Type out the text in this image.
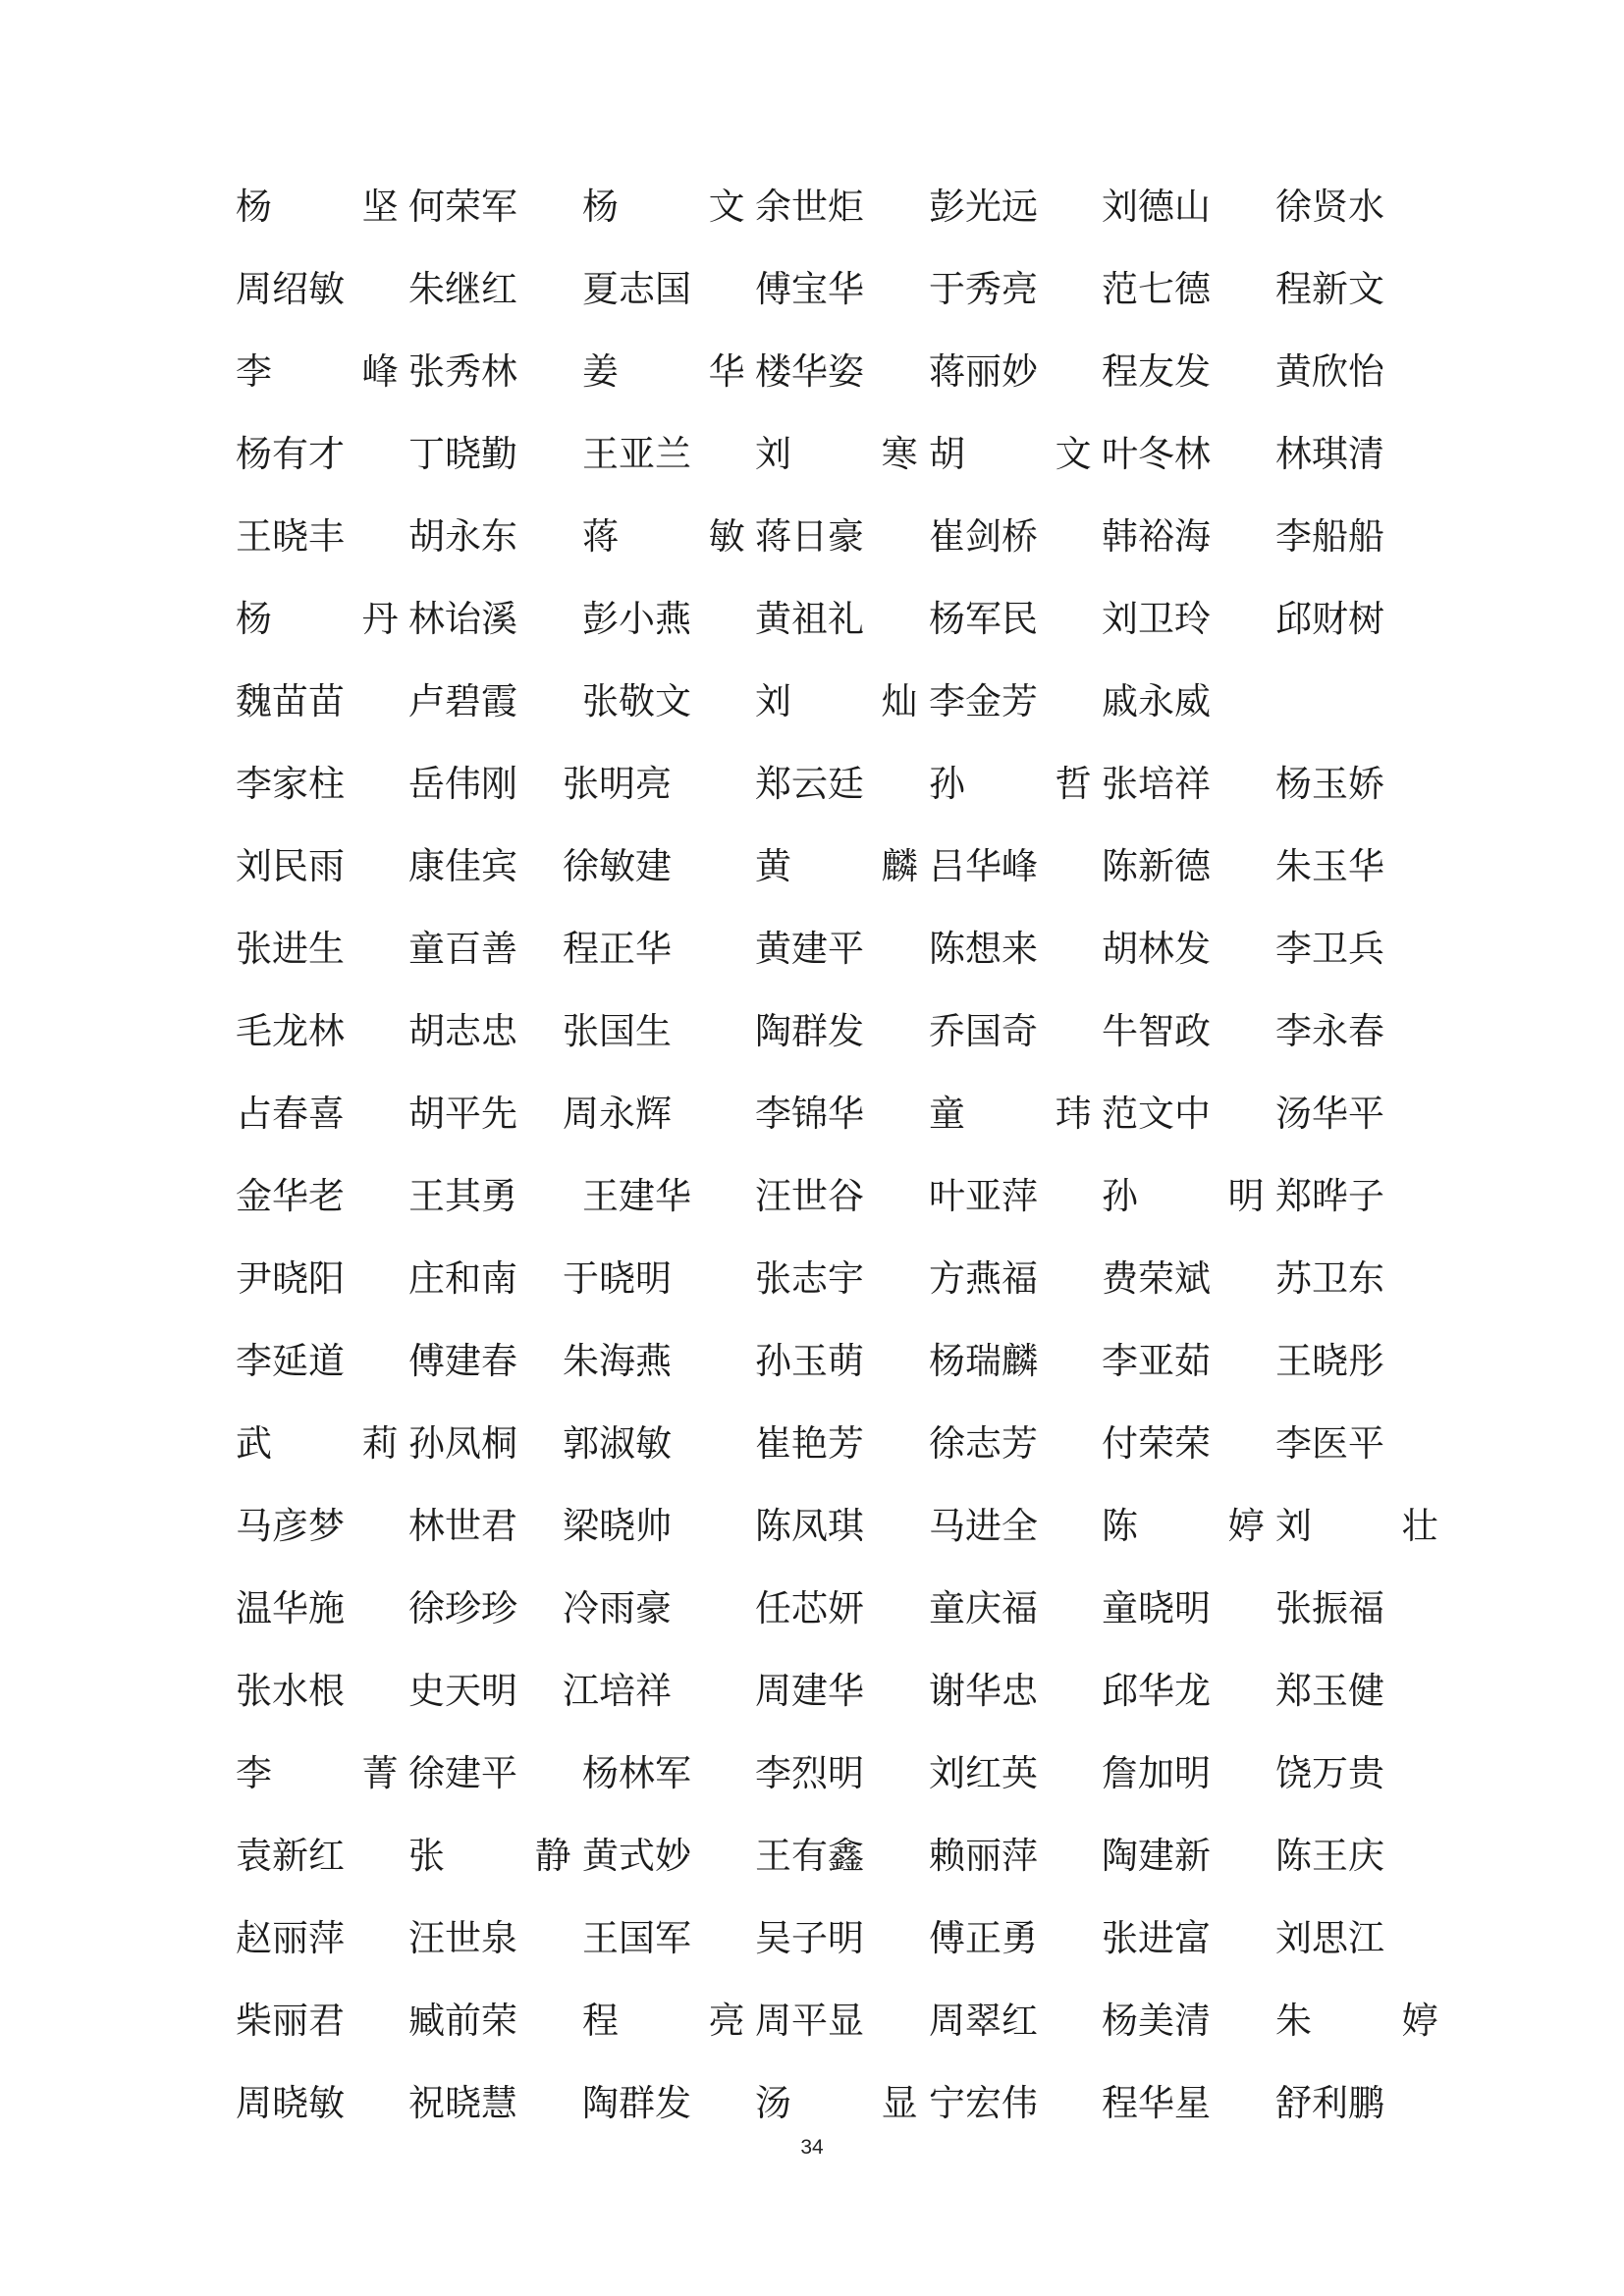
杨 坚
何荣军 杨 文
余世炬 彭光远 刘德山 徐贤水
周绍敏 朱继红 夏志国 傅宝华 于秀亮 范七德 程新文
李 峰
张秀林 姜 华
楼华姿 蒋丽妙 程友发 黄欣怡
杨有才 丁晓勤 王亚兰 刘 寒
胡 文
叶冬林 林琪清
王晓丰 胡永东 蒋 敏
蒋日豪 崔剑桥 韩裕海 李船船
杨 丹
林诒溪 彭小燕 黄祖礼 杨军民 刘卫玲 邱财树
魏苗苗 卢碧霞 张敬文 刘 灿
李金芳 戚永威
李家柱 岳伟刚 张明亮 郑云廷 孙 哲
张培祥 杨玉娇
刘民雨 康佳宾 徐敏建 黄 麟
吕华峰 陈新德 朱玉华
张进生 童百善 程正华 黄建平 陈想来 胡林发 李卫兵
毛龙林 胡志忠 张国生 陶群发 乔国奇 牛智政 李永春
占春喜 胡平先 周永辉 李锦华 童 玮
范文中 汤华平
金华老 王其勇 王建华 汪世谷 叶亚萍 孙 明
郑晔子
尹晓阳 庄和南 于晓明 张志宇 方燕福 费荣斌 苏卫东
李延道 傅建春 朱海燕 孙玉萌 杨瑞麟 李亚茹 王晓彤
武 莉
孙凤桐 郭淑敏 崔艳芳 徐志芳 付荣荣 李医平
马彦梦 林世君 梁晓帅 陈凤琪 马进全 陈 婷
刘 壮
温华施 徐珍珍 冷雨豪 任芯妍 童庆福 童晓明 张振福
张水根 史天明 江培祥 周建华 谢华忠 邱华龙 郑玉健
李 菁
徐建平 杨林军 李烈明 刘红英 詹加明 饶万贵
袁新红 张 静
黄式妙 王有鑫 赖丽萍 陶建新 陈王庆
赵丽萍 汪世泉 王国军 吴子明 傅正勇 张进富 刘思江
柴丽君 臧前荣 程 亮
周平显 周翠红 杨美清 朱 婷
周晓敏 祝晓慧 陶群发 汤 显
宁宏伟 程华星 舒利鹏
34
